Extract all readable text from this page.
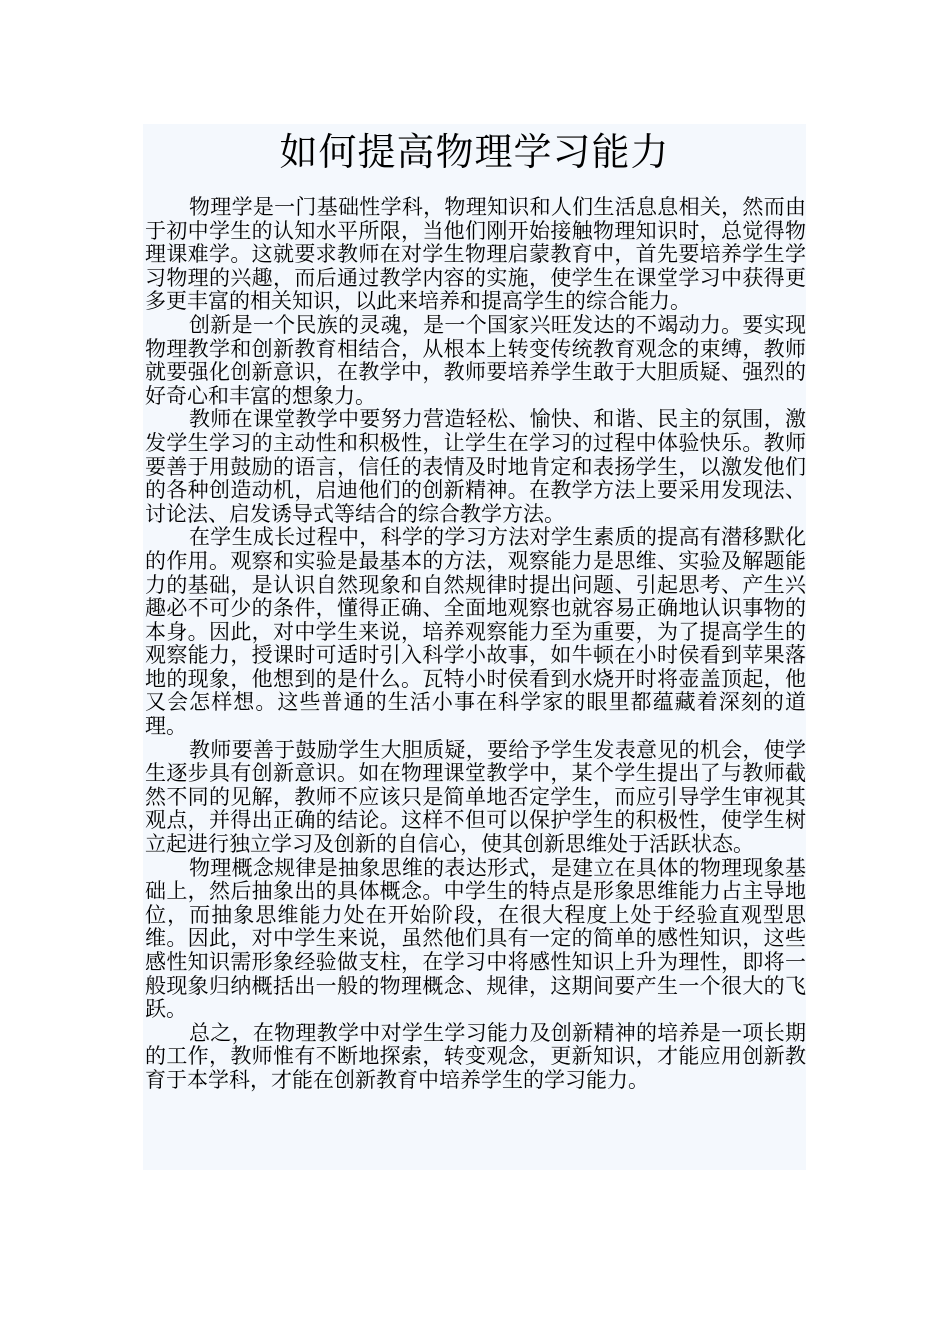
如何提高物理学习能力

物理学是一门基础性学科，物理知识和人们生活息息相关，然而由于初中学生的认知水平所限，当他们刚开始接触物理知识时，总觉得物理课难学。这就要求教师在对学生物理启蒙教育中，首先要培养学生学习物理的兴趣，而后通过教学内容的实施，使学生在课堂学习中获得更多更丰富的相关知识，以此来培养和提高学生的综合能力。

创新是一个民族的灵魂，是一个国家兴旺发达的不竭动力。要实现物理教学和创新教育相结合，从根本上转变传统教育观念的束缚，教师就要强化创新意识，在教学中，教师要培养学生敢于大胆质疑、强烈的好奇心和丰富的想象力。

教师在课堂教学中要努力营造轻松、愉快、和谐、民主的氛围，激发学生学习的主动性和积极性，让学生在学习的过程中体验快乐。教师要善于用鼓励的语言，信任的表情及时地肯定和表扬学生，以激发他们的各种创造动机，启迪他们的创新精神。在教学方法上要采用发现法、讨论法、启发诱导式等结合的综合教学方法。

在学生成长过程中，科学的学习方法对学生素质的提高有潜移默化的作用。观察和实验是最基本的方法，观察能力是思维、实验及解题能力的基础，是认识自然现象和自然规律时提出问题、引起思考、产生兴趣必不可少的条件，懂得正确、全面地观察也就容易正确地认识事物的本身。因此，对中学生来说，培养观察能力至为重要，为了提高学生的观察能力，授课时可适时引入科学小故事，如牛顿在小时侯看到苹果落地的现象，他想到的是什么。瓦特小时侯看到水烧开时将壶盖顶起，他又会怎样想。这些普通的生活小事在科学家的眼里都蕴藏着深刻的道理。

教师要善于鼓励学生大胆质疑，要给予学生发表意见的机会，使学生逐步具有创新意识。如在物理课堂教学中，某个学生提出了与教师截然不同的见解，教师不应该只是简单地否定学生，而应引导学生审视其观点，并得出正确的结论。这样不但可以保护学生的积极性，使学生树立起进行独立学习及创新的自信心，使其创新思维处于活跃状态。

物理概念规律是抽象思维的表达形式，是建立在具体的物理现象基础上，然后抽象出的具体概念。中学生的特点是形象思维能力占主导地位，而抽象思维能力处在开始阶段，在很大程度上处于经验直观型思维。因此，对中学生来说，虽然他们具有一定的简单的感性知识，这些感性知识需形象经验做支柱，在学习中将感性知识上升为理性，即将一般现象归纳概括出一般的物理概念、规律，这期间要产生一个很大的飞跃。

总之，在物理教学中对学生学习能力及创新精神的培养是一项长期的工作，教师惟有不断地探索，转变观念，更新知识，才能应用创新教育于本学科，才能在创新教育中培养学生的学习能力。
